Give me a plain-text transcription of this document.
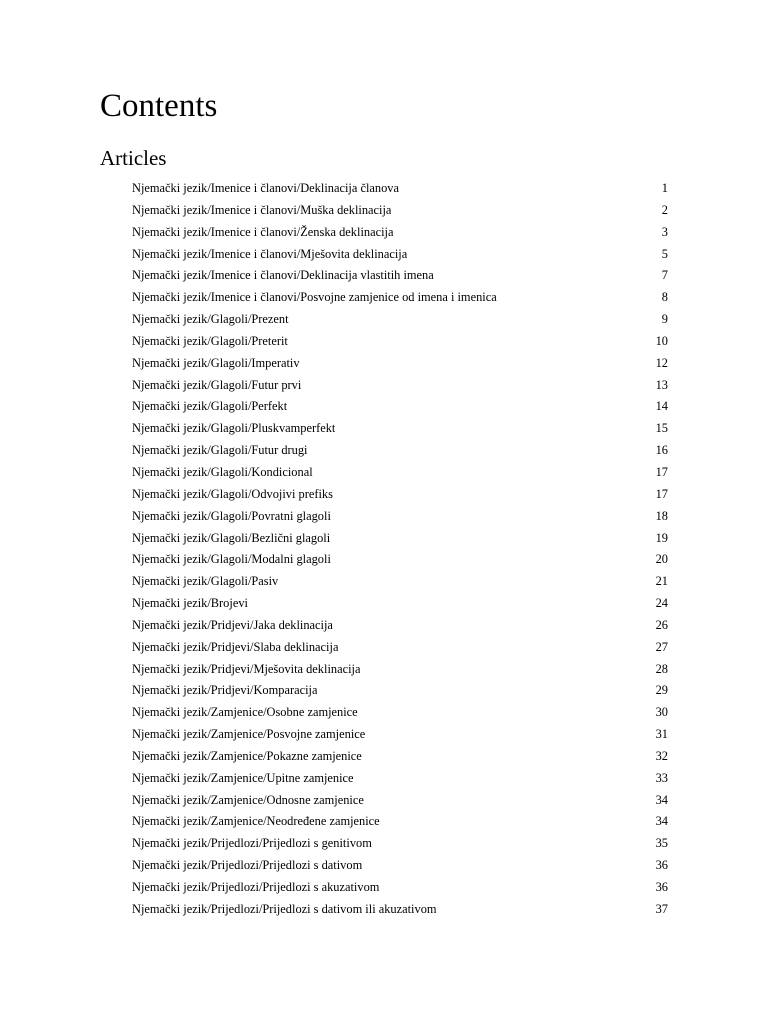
Contents
Articles
Njemački jezik/Imenice i članovi/Deklinacija članova	1
Njemački jezik/Imenice i članovi/Muška deklinacija	2
Njemački jezik/Imenice i članovi/Ženska deklinacija	3
Njemački jezik/Imenice i članovi/Mješovita deklinacija	5
Njemački jezik/Imenice i članovi/Deklinacija vlastitih imena	7
Njemački jezik/Imenice i članovi/Posvojne zamjenice od imena i imenica	8
Njemački jezik/Glagoli/Prezent	9
Njemački jezik/Glagoli/Preterit	10
Njemački jezik/Glagoli/Imperativ	12
Njemački jezik/Glagoli/Futur prvi	13
Njemački jezik/Glagoli/Perfekt	14
Njemački jezik/Glagoli/Pluskvamperfekt	15
Njemački jezik/Glagoli/Futur drugi	16
Njemački jezik/Glagoli/Kondicional	17
Njemački jezik/Glagoli/Odvojivi prefiks	17
Njemački jezik/Glagoli/Povratni glagoli	18
Njemački jezik/Glagoli/Bezlični glagoli	19
Njemački jezik/Glagoli/Modalni glagoli	20
Njemački jezik/Glagoli/Pasiv	21
Njemački jezik/Brojevi	24
Njemački jezik/Pridjevi/Jaka deklinacija	26
Njemački jezik/Pridjevi/Slaba deklinacija	27
Njemački jezik/Pridjevi/Mješovita deklinacija	28
Njemački jezik/Pridjevi/Komparacija	29
Njemački jezik/Zamjenice/Osobne zamjenice	30
Njemački jezik/Zamjenice/Posvojne zamjenice	31
Njemački jezik/Zamjenice/Pokazne zamjenice	32
Njemački jezik/Zamjenice/Upitne zamjenice	33
Njemački jezik/Zamjenice/Odnosne zamjenice	34
Njemački jezik/Zamjenice/Neodređene zamjenice	34
Njemački jezik/Prijedlozi/Prijedlozi s genitivom	35
Njemački jezik/Prijedlozi/Prijedlozi s dativom	36
Njemački jezik/Prijedlozi/Prijedlozi s akuzativom	36
Njemački jezik/Prijedlozi/Prijedlozi s dativom ili akuzativom	37
